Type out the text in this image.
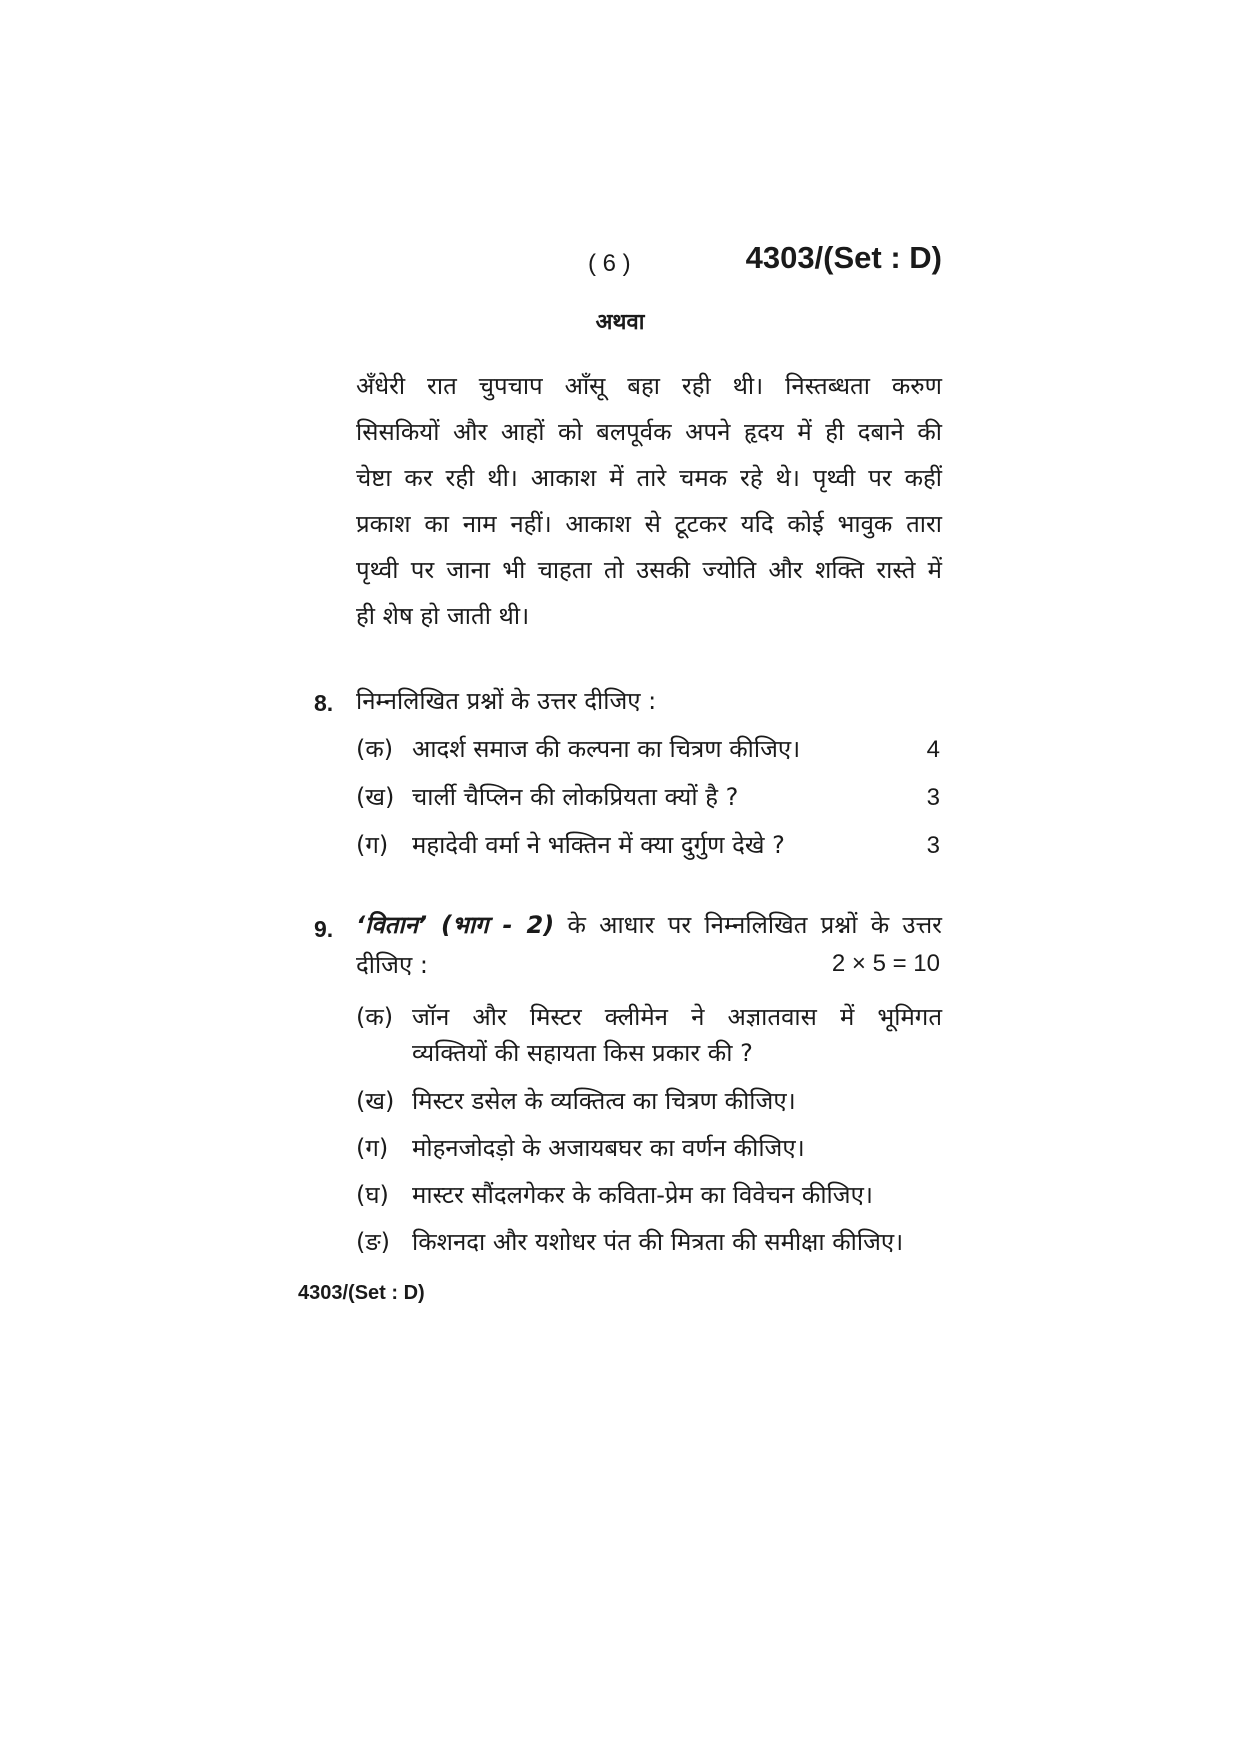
( 6 )	4303/(Set : D)
अथवा
अँधेरी रात चुपचाप आँसू बहा रही थी। निस्तब्धता करुण
सिसकियों और आहों को बलपूर्वक अपने हृदय में ही दबाने की
चेष्टा कर रही थी। आकाश में तारे चमक रहे थे। पृथ्वी पर कहीं
प्रकाश का नाम नहीं। आकाश से टूटकर यदि कोई भावुक तारा
पृथ्वी पर जाना भी चाहता तो उसकी ज्योति और शक्ति रास्ते में
ही शेष हो जाती थी।
8. निम्नलिखित प्रश्नों के उत्तर दीजिए :
(क) आदर्श समाज की कल्पना का चित्रण कीजिए।	4
(ख) चार्ली चैप्लिन की लोकप्रियता क्यों है ?	3
(ग) महादेवी वर्मा ने भक्तिन में क्या दुर्गुण देखे ?	3
9. ‘वितान’ (भाग - 2) के आधार पर निम्नलिखित प्रश्नों के उत्तर
दीजिए :	2 × 5 = 10
(क) जॉन और मिस्टर क्लीमेन ने अज्ञातवास में भूमिगत
व्यक्तियों की सहायता किस प्रकार की ?
(ख) मिस्टर डसेल के व्यक्तित्व का चित्रण कीजिए।
(ग) मोहनजोदड़ो के अजायबघर का वर्णन कीजिए।
(घ) मास्टर सौंदलगेकर के कविता-प्रेम का विवेचन कीजिए।
(ङ) किशनदा और यशोधर पंत की मित्रता की समीक्षा कीजिए।
4303/(Set : D)
